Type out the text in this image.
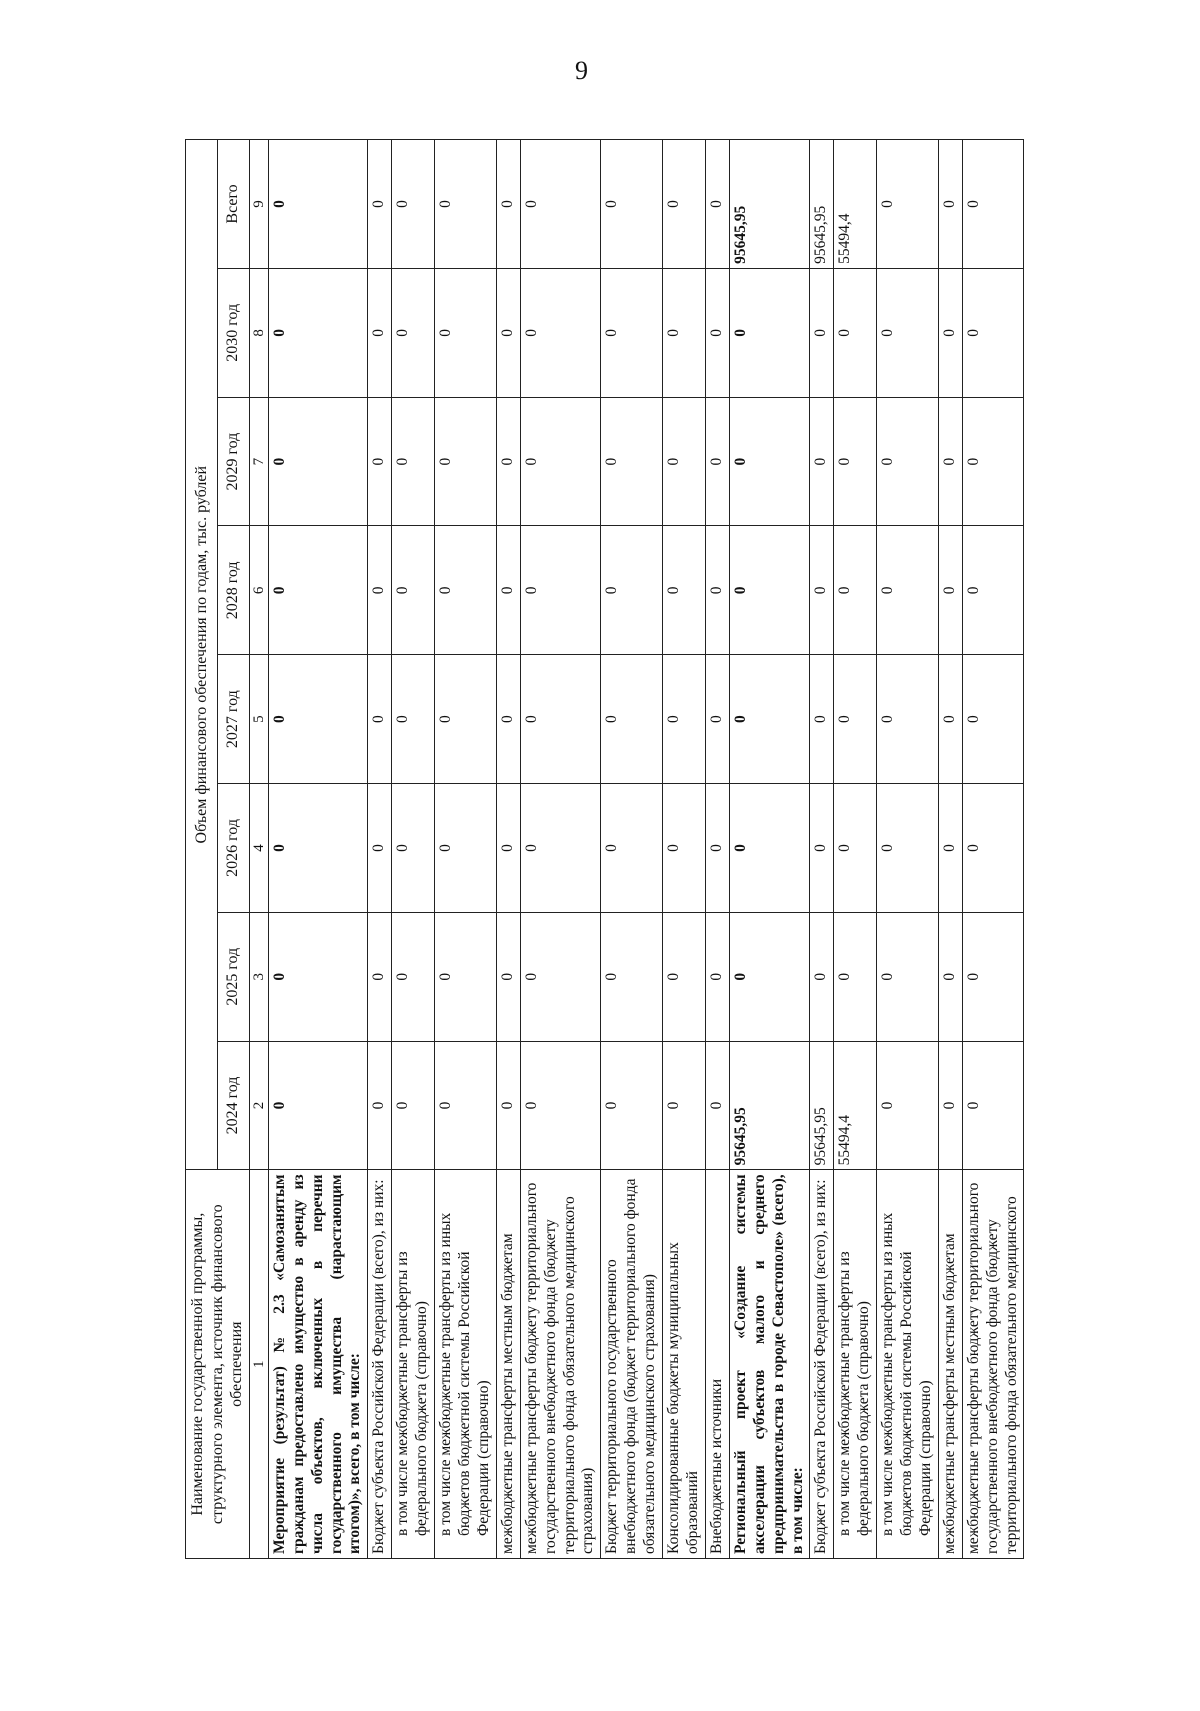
9
Наименование государственной программы, структурного элемента, источник финансового обеспечения	Объем финансового обеспечения по годам, тыс. рублей							
	2024 год	2025 год	2026 год	2027 год	2028 год	2029 год	2030 год	Всего
1	2	3	4	5	6	7	8	9
Мероприятие (результат) № 2.3 «Самозанятым гражданам предоставлено имущество в аренду из числа объектов, включенных в перечни государственного имущества (нарастающим итогом)», всего, в том числе:	0	0	0	0	0	0	0	0
Бюджет субъекта Российской Федерации (всего), из них:	0	0	0	0	0	0	0	0
в том числе межбюджетные трансферты из федерального бюджета (справочно)	0	0	0	0	0	0	0	0
в том числе межбюджетные трансферты из иных бюджетов бюджетной системы Российской Федерации (справочно)	0	0	0	0	0	0	0	0
межбюджетные трансферты местным бюджетам	0	0	0	0	0	0	0	0
межбюджетные трансферты бюджету территориального государственного внебюджетного фонда (бюджету территориального фонда обязательного медицинского страхования)	0	0	0	0	0	0	0	0
Бюджет территориального государственного внебюджетного фонда (бюджет территориального фонда обязательного медицинского страхования)	0	0	0	0	0	0	0	0
Консолидированные бюджеты муниципальных образований	0	0	0	0	0	0	0	0
Внебюджетные источники	0	0	0	0	0	0	0	0
Региональный проект «Создание системы акселерации субъектов малого и среднего предпринимательства в городе Севастополе» (всего), в том числе:	95645,95	0	0	0	0	0	0	95645,95
Бюджет субъекта Российской Федерации (всего), из них:	95645,95	0	0	0	0	0	0	95645,95
в том числе межбюджетные трансферты из федерального бюджета (справочно)	55494,4	0	0	0	0	0	0	55494,4
в том числе межбюджетные трансферты из иных бюджетов бюджетной системы Российской Федерации (справочно)	0	0	0	0	0	0	0	0
межбюджетные трансферты местным бюджетам	0	0	0	0	0	0	0	0
межбюджетные трансферты бюджету территориального государственного внебюджетного фонда (бюджету территориального фонда обязательного медицинского	0	0	0	0	0	0	0	0
